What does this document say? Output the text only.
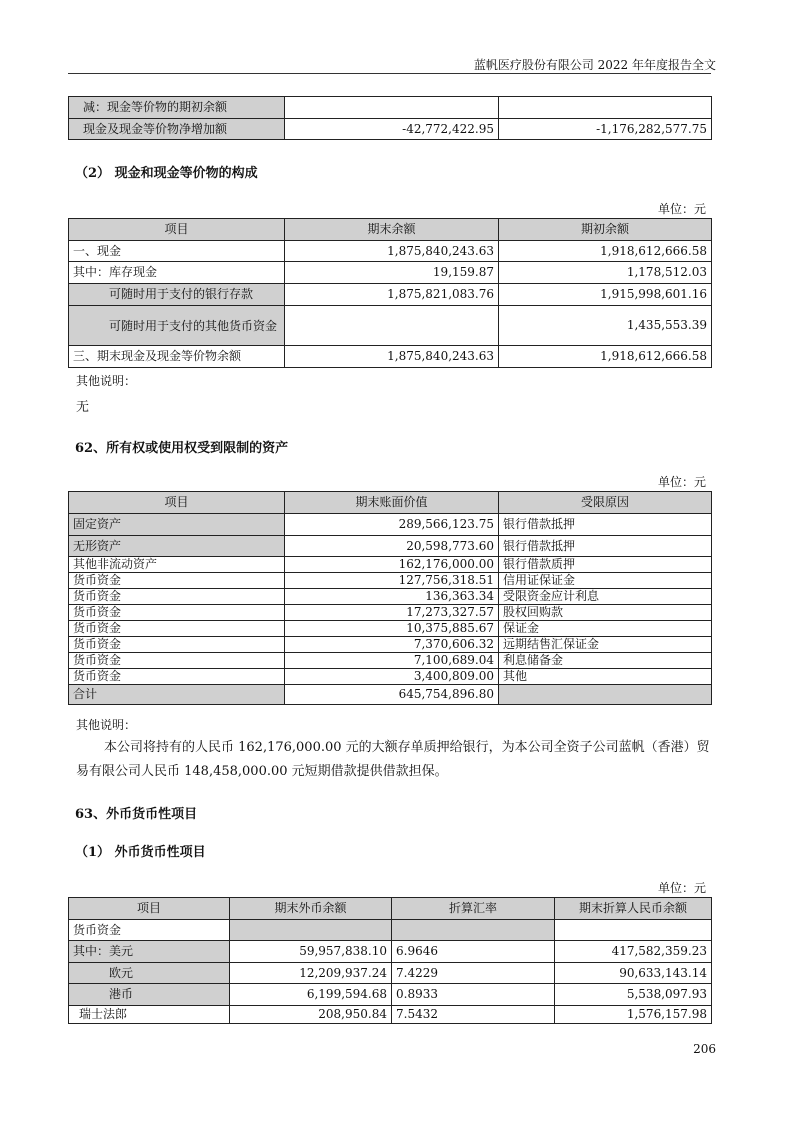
蓝帆医疗股份有限公司 2022 年年度报告全文
减：现金等价物的期初余额		
现金及现金等价物净增加额	-42,772,422.95	-1,176,282,577.75
（2） 现金和现金等价物的构成
单位：元
项目	期末余额	期初余额
一、现金	1,875,840,243.63	1,918,612,666.58
其中：库存现金	19,159.87	1,178,512.03
可随时用于支付的银行存款	1,875,821,083.76	1,915,998,601.16
可随时用于支付的其他货币资金		1,435,553.39
三、期末现金及现金等价物余额	1,875,840,243.63	1,918,612,666.58
其他说明：
无
62、所有权或使用权受到限制的资产
单位：元
项目	期末账面价值	受限原因
固定资产	289,566,123.75	银行借款抵押
无形资产	20,598,773.60	银行借款抵押
其他非流动资产	162,176,000.00	银行借款质押
货币资金	127,756,318.51	信用证保证金
货币资金	136,363.34	受限资金应计利息
货币资金	17,273,327.57	股权回购款
货币资金	10,375,885.67	保证金
货币资金	7,370,606.32	远期结售汇保证金
货币资金	7,100,689.04	利息储备金
货币资金	3,400,809.00	其他
合计	645,754,896.80	
其他说明：
本公司将持有的人民币 162,176,000.00 元的大额存单质押给银行，为本公司全资子公司蓝帆（香港）贸易有限公司人民币 148,458,000.00 元短期借款提供借款担保。
63、外币货币性项目
（1） 外币货币性项目
单位：元
项目	期末外币余额	折算汇率	期末折算人民币余额
货币资金			
其中：美元	59,957,838.10	6.9646	417,582,359.23
欧元	12,209,937.24	7.4229	90,633,143.14
港币	6,199,594.68	0.8933	5,538,097.93
瑞士法郎	208,950.84	7.5432	1,576,157.98
206
